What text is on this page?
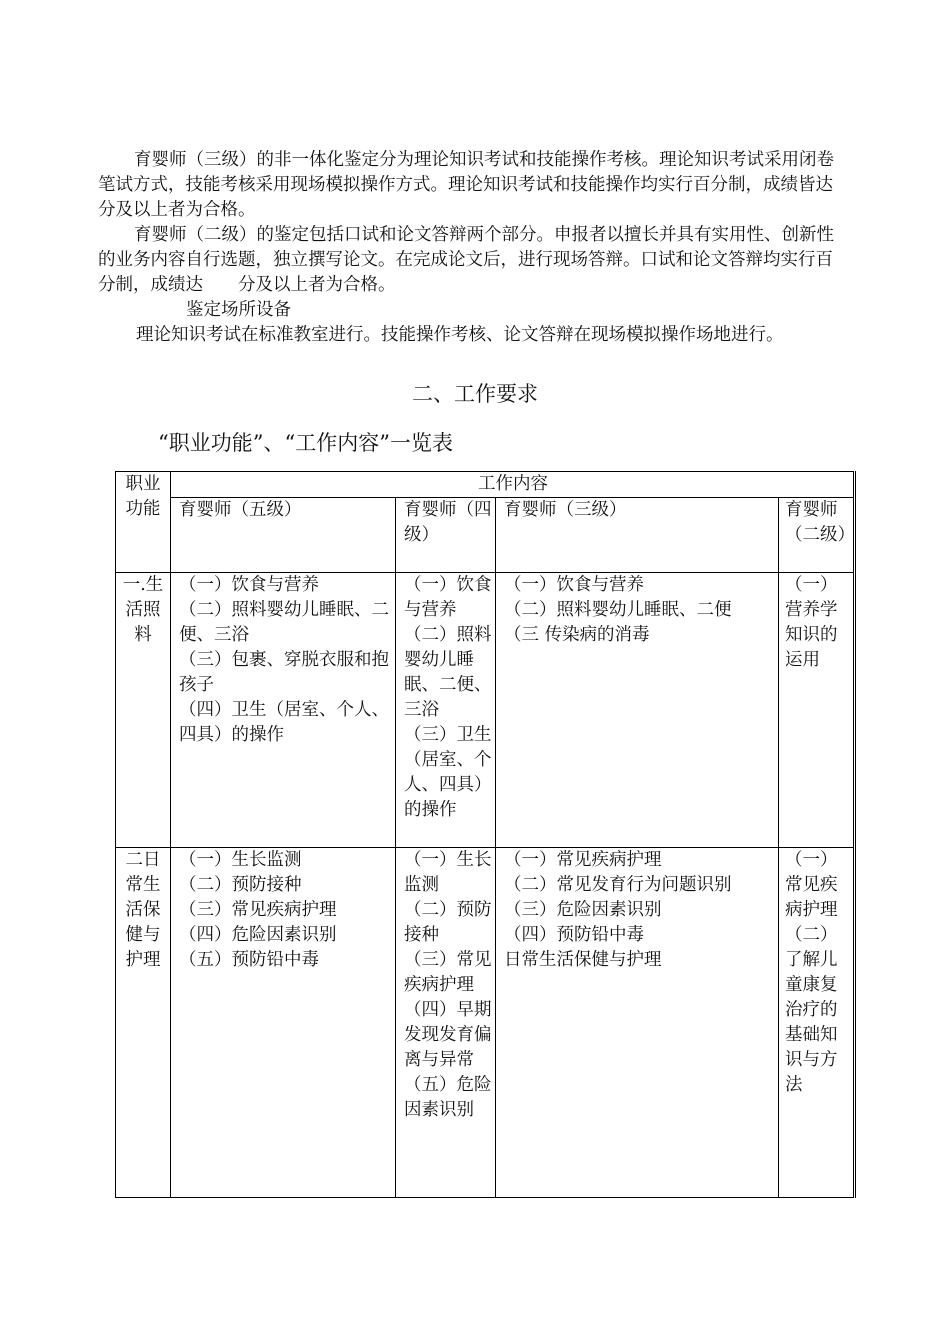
育婴师（三级）的非一体化鉴定分为理论知识考试和技能操作考核。理论知识考试采用闭卷笔试方式，技能考核采用现场模拟操作方式。理论知识考试和技能操作均实行百分制，成绩皆达　　分及以上者为合格。

育婴师（二级）的鉴定包括口试和论文答辩两个部分。申报者以擅长并具有实用性、创新性的业务内容自行选题，独立撰写论文。在完成论文后，进行现场答辩。口试和论文答辩均实行百分制，成绩达　　分及以上者为合格。

鉴定场所设备
理论知识考试在标准教室进行。技能操作考核、论文答辩在现场模拟操作场地进行。
二、工作要求
“职业功能”、“工作内容”一览表
职业功能	工作内容			
	育婴师（五级）	育婴师（四级）	育婴师（三级）	育婴师（二级）
一.生活照料	（一）饮食与营养
（二）照料婴幼儿睡眠、二便、三浴
（三）包裹、穿脱衣服和抱孩子
（四）卫生（居室、个人、四具）的操作	（一）饮食与营养
（二）照料婴幼儿睡眠、二便、三浴
（三）卫生（居室、个人、四具）的操作	（一）饮食与营养
（二）照料婴幼儿睡眠、二便
（三 传染病的消毒	（一）营养学知识的运用
二日常生活保健与护理	（一）生长监测
（二）预防接种
（三）常见疾病护理
（四）危险因素识别
（五）预防铅中毒	（一）生长监测
（二）预防接种
（三）常见疾病护理
（四）早期发现发育偏离与异常
（五）危险因素识别	（一）常见疾病护理
（二）常见发育行为问题识别
（三）危险因素识别
（四）预防铅中毒
日常生活保健与护理	（一）常见疾病护理
（二）了解儿童康复治疗的基础知识与方法
